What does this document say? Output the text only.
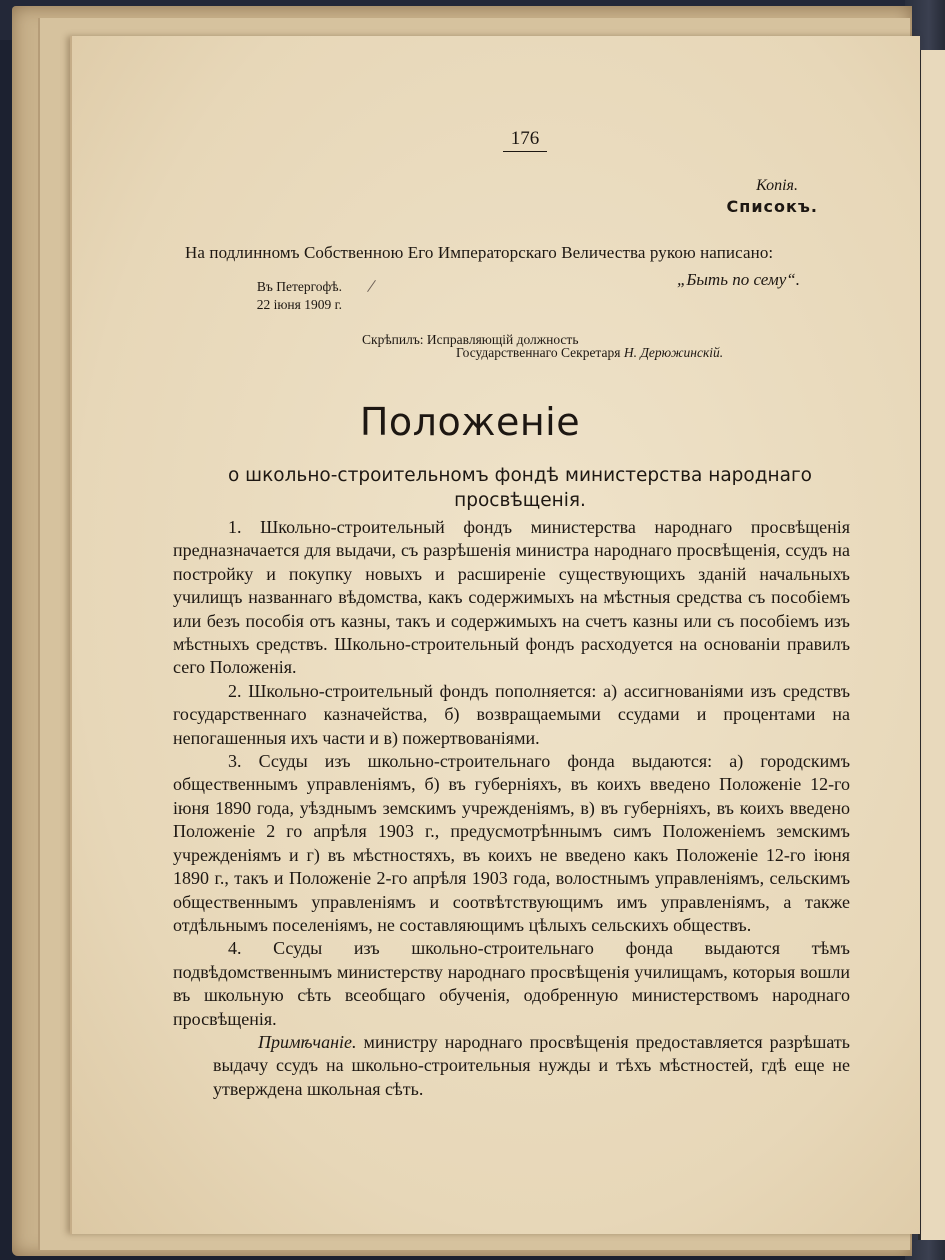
176
Копія.
Списокъ.
На подлинномъ Собственною Его Императорскаго Величества рукою написано:
„Быть по сему“.
Въ Петергофѣ.
22 іюня 1909 г.
Скрѣпилъ: Исправляющій должность
Государственнаго Секретаря Н. Дерюжинскій.
Положеніе
о школьно-строительномъ фондѣ министерства народнаго
просвѣщенія.

1. Школьно-строительный фондъ министерства народнаго просвѣщенія предназначается для выдачи, съ разрѣшенія министра народнаго просвѣщенія, ссудъ на постройку и покупку новыхъ и расширеніе существующихъ зданій начальныхъ училищъ названнаго вѣдомства, какъ содержимыхъ на мѣстныя средства съ пособіемъ или безъ пособія отъ казны, такъ и содержимыхъ на счетъ казны или съ пособіемъ изъ мѣстныхъ средствъ. Школьно-строительный фондъ расходуется на основаніи правилъ сего Положенія.

2. Школьно-строительный фондъ пополняется: а) ассигнованіями изъ средствъ государственнаго казначейства, б) возвращаемыми ссудами и процентами на непогашенныя ихъ части и в) пожертвованіями.

3. Ссуды изъ школьно-строительнаго фонда выдаются: а) городскимъ общественнымъ управленіямъ, б) въ губерніяхъ, въ коихъ введено Положеніе 12-го іюня 1890 года, уѣзднымъ земскимъ учрежденіямъ, в) въ губерніяхъ, въ коихъ введено Положеніе 2 го апрѣля 1903 г., предусмотрѣннымъ симъ Положеніемъ земскимъ учрежденіямъ и г) въ мѣстностяхъ, въ коихъ не введено какъ Положеніе 12-го іюня 1890 г., такъ и Положеніе 2-го апрѣля 1903 года, волостнымъ управленіямъ, сельскимъ общественнымъ управленіямъ и соотвѣтствующимъ имъ управленіямъ, а также отдѣльнымъ поселеніямъ, не составляющимъ цѣлыхъ сельскихъ обществъ.

4. Ссуды изъ школьно-строительнаго фонда выдаются тѣмъ подвѣдомственнымъ министерству народнаго просвѣщенія училищамъ, которыя вошли въ школьную сѣть всеобщаго обученія, одобренную министерствомъ народнаго просвѣщенія.

Примѣчаніе. министру народнаго просвѣщенія предоставляется разрѣшать выдачу ссудъ на школьно-строительныя нужды и тѣхъ мѣстностей, гдѣ еще не утверждена школьная сѣть.
